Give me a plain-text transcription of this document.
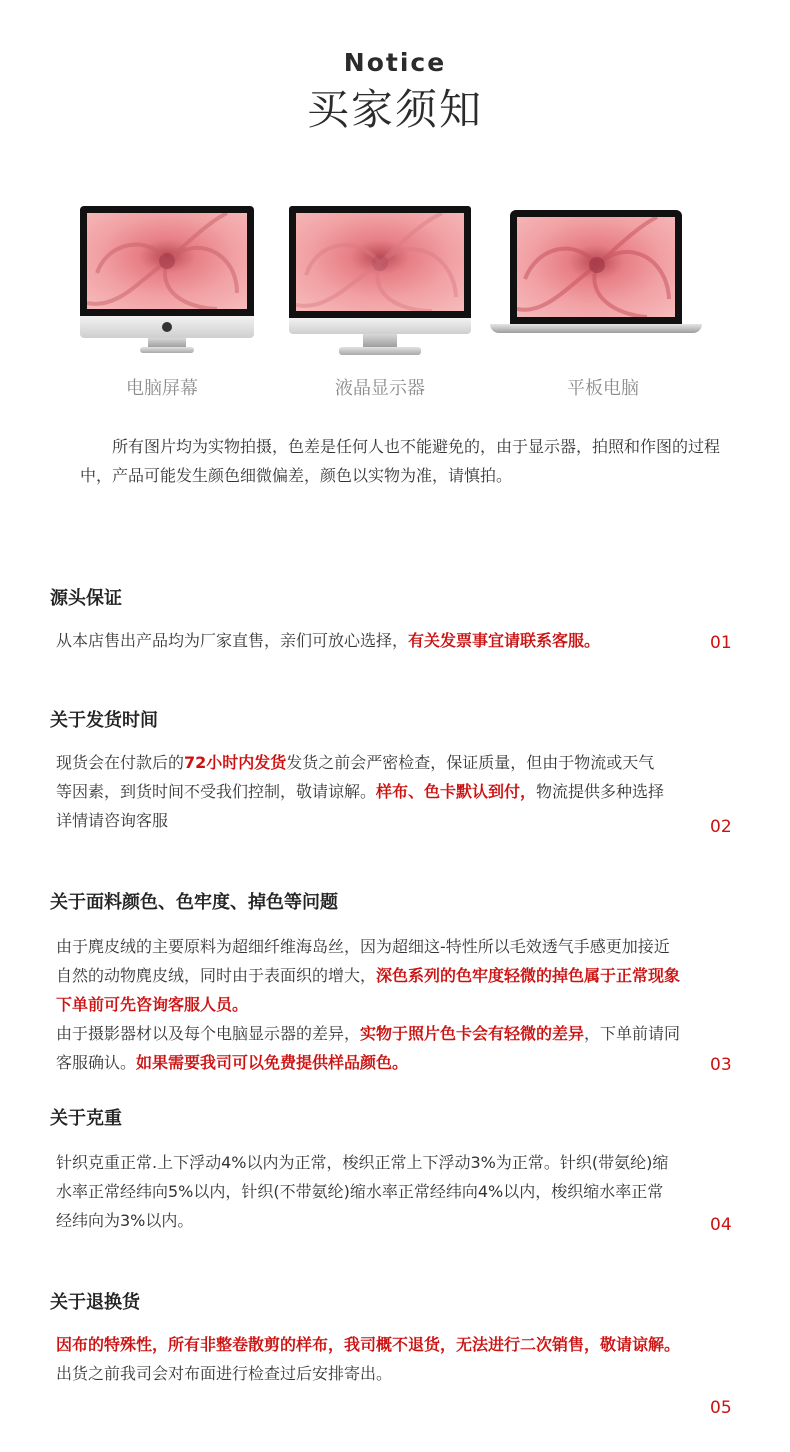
Notice
买家须知
电脑屏幕	液晶显示器	平板电脑
所有图片均为实物拍摄，色差是任何人也不能避免的，由于显示器，拍照和作图的过程中，产品可能发生颜色细微偏差，颜色以实物为准，请慎拍。
源头保证

从本店售出产品均为厂家直售，亲们可放心选择，有关发票事宜请联系客服。	01
关于发货时间

现货会在付款后的72小时内发货发货之前会严密检查，保证质量，但由于物流或天气

等因素，到货时间不受我们控制，敬请谅解。样布、色卡默认到付，物流提供多种选择

详情请咨询客服	02
关于面料颜色、色牢度、掉色等问题

由于麂皮绒的主要原料为超细纤维海岛丝，因为超细这-特性所以毛效透气手感更加接近

自然的动物麂皮绒，同时由于表面织的增大，深色系列的色牢度轻微的掉色属于正常现象

下单前可先咨询客服人员。

由于摄影器材以及每个电脑显示器的差异，实物于照片色卡会有轻微的差异，下单前请同

客服确认。如果需要我司可以免费提供样品颜色。	03
关于克重

针织克重正常.上下浮动4%以内为正常，梭织正常上下浮动3%为正常。针织(带氨纶)缩

水率正常经纬向5%以内，针织(不带氨纶)缩水率正常经纬向4%以内，梭织缩水率正常

经纬向为3%以内。	04
关于退换货

因布的特殊性，所有非整卷散剪的样布，我司概不退货，无法进行二次销售，敬请谅解。

出货之前我司会对布面进行检查过后安排寄出。

05
